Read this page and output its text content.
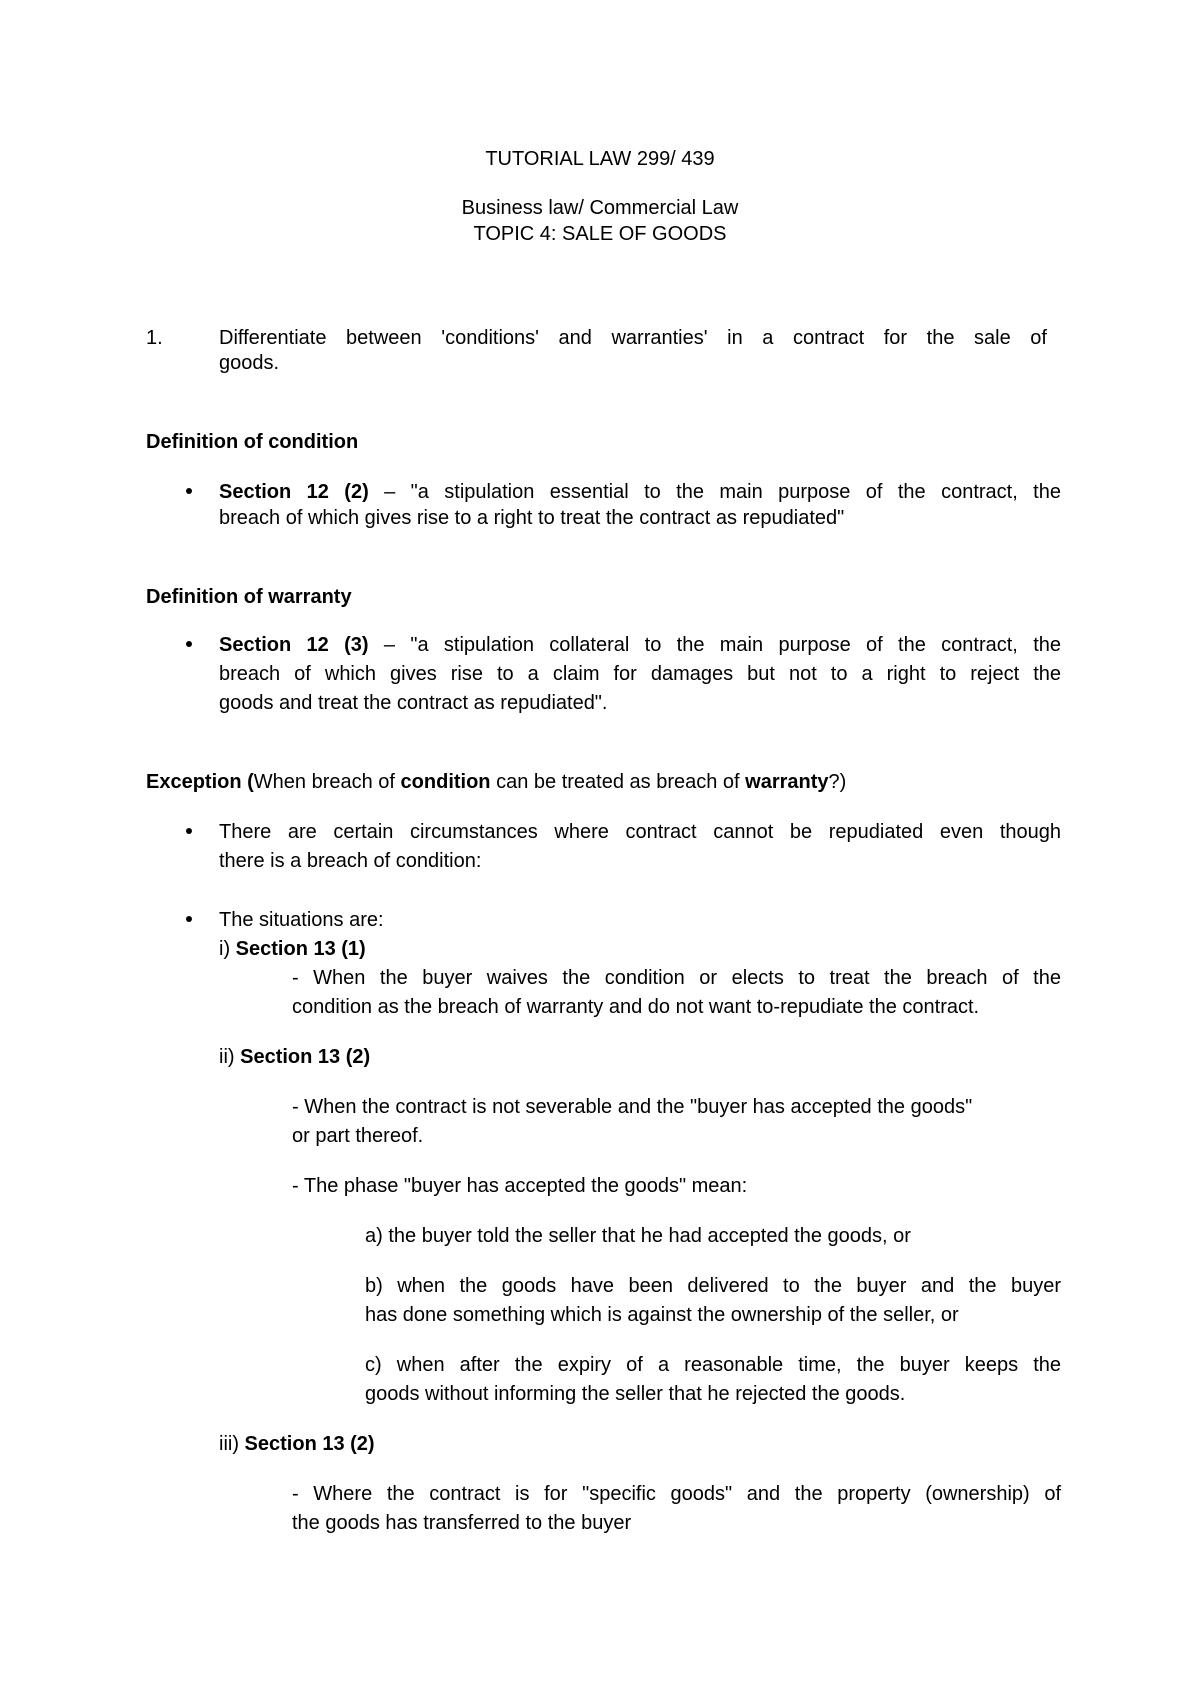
TUTORIAL LAW 299/ 439
Business law/ Commercial Law
TOPIC 4: SALE OF GOODS
1.	Differentiate between 'conditions' and warranties' in a contract for the sale of
goods.
Definition of condition
Section 12 (2) – "a stipulation essential to the main purpose of the contract, the
breach of which gives rise to a right to treat the contract as repudiated"
Definition of warranty
Section 12 (3) – "a stipulation collateral to the main purpose of the contract, the
breach of which gives rise to a claim for damages but not to a right to reject the
goods and treat the contract as repudiated".
Exception (When breach of condition can be treated as breach of warranty?)
There are certain circumstances where contract cannot be repudiated even though
there is a breach of condition:
The situations are:
i) Section 13 (1)
- When the buyer waives the condition or elects to treat the breach of the
condition as the breach of warranty and do not want to-repudiate the contract.
ii) Section 13 (2)
- When the contract is not severable and the "buyer has accepted the goods"
or part thereof.
- The phase "buyer has accepted the goods" mean:
a) the buyer told the seller that he had accepted the goods, or
b) when the goods have been delivered to the buyer and the buyer
has done something which is against the ownership of the seller, or
c) when after the expiry of a reasonable time, the buyer keeps the
goods without informing the seller that he rejected the goods.
iii) Section 13 (2)
- Where the contract is for "specific goods" and the property (ownership) of
the goods has transferred to the buyer
